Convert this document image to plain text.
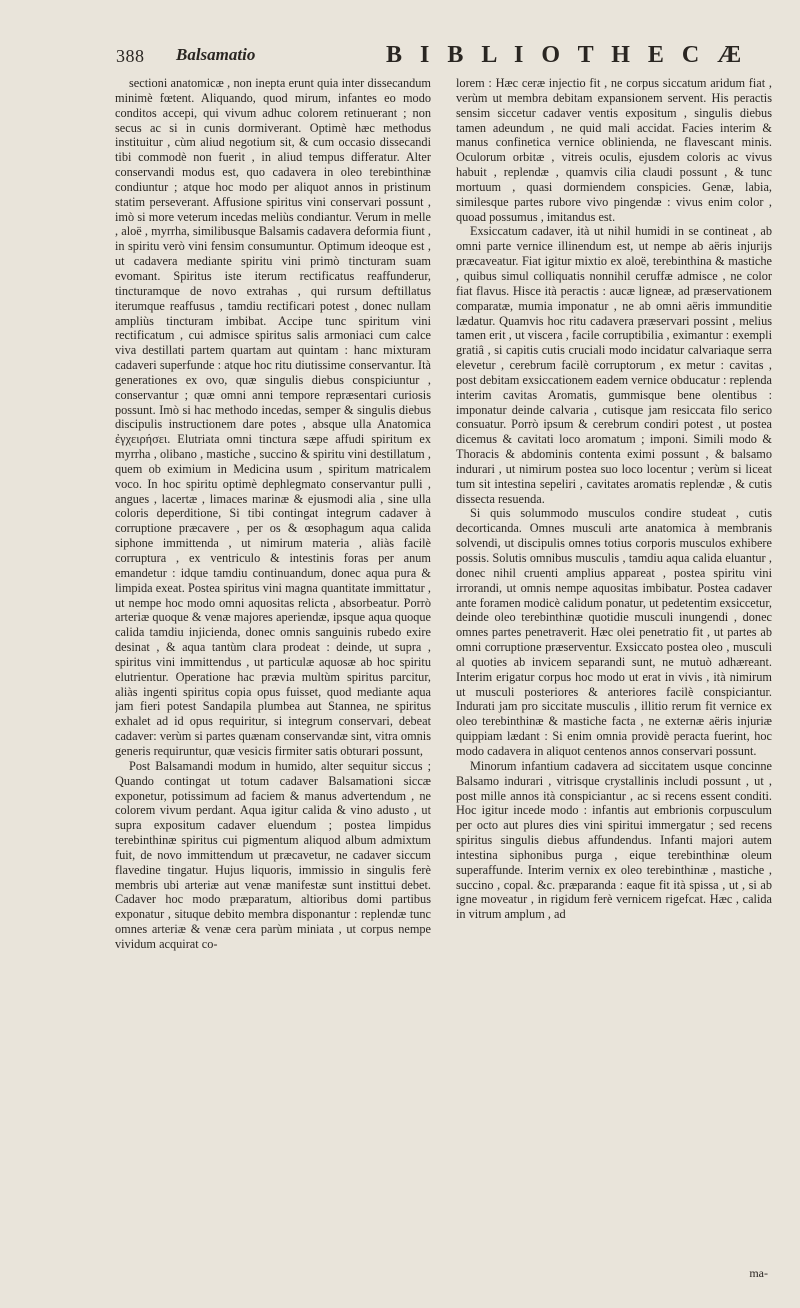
388 Balsamatio	B I B L I O T H E C Æ

sectioni anatomicæ , non inepta erunt quia inter dissecandum minimè fœtent. Aliquando, quod mirum, infantes eo modo conditos accepi, qui vivum adhuc colorem retinuerant ; non secus ac si in cunis dormiverant. Optimè hæc methodus instituitur , cùm aliud negotium sit, & cum occasio dissecandi tibi commodè non fuerit , in aliud tempus differatur. Alter conservandi modus est, quo cadavera in oleo terebinthinæ condiuntur ; atque hoc modo per aliquot annos in pristinum statim perseverant. Affusione spiritus vini conservari possunt , imò si more veterum incedas meliùs condiantur. Verum in melle , aloë , myrrha, similibusque Balsamis cadavera deformia fiunt , in spiritu verò vini fensim consumuntur. Optimum ideoque est , ut cadavera mediante spiritu vini primò tincturam suam evomant. Spiritus iste iterum rectificatus reaffunderur, tincturamque de novo extrahas , qui rursum deftillatus iterumque reaffusus , tamdiu rectificari potest , donec nullam ampliùs tincturam imbibat. Accipe tunc spiritum vini rectificatum , cui admisce spiritus salis armoniaci cum calce viva destillati partem quartam aut quintam : hanc mixturam cadaveri superfunde : atque hoc ritu diutissime conservantur. Ità generationes ex ovo, quæ singulis diebus conspiciuntur , conservantur ; quæ omni anni tempore repræsentari curiosis possunt. Imò si hac methodo incedas, semper & singulis diebus discipulis instructionem dare potes , absque ulla Anatomica ἐγχειρήσει. Elutriata omni tinctura sæpe affudi spiritum ex myrrha , olibano , mastiche , succino & spiritu vini destillatum , quem ob eximium in Medicina usum , spiritum matricalem voco. In hoc spiritu optimè dephlegmato conservantur pulli , angues , lacertæ , limaces marinæ & ejusmodi alia , sine ulla coloris deperditione, Si tibi contingat integrum cadaver à corruptione præcavere , per os & œsophagum aqua calida siphone immittenda , ut nimirum materia , aliàs facilè corruptura , ex ventriculo & intestinis foras per anum emandetur : idque tamdiu continuandum, donec aqua pura & limpida exeat. Postea spiritus vini magna quantitate immittatur , ut nempe hoc modo omni aquositas relicta , absorbeatur. Porrò arteriæ quoque & venæ majores aperiendæ, ipsque aqua quoque calida tamdiu injicienda, donec omnis sanguinis rubedo exire desinat , & aqua tantùm clara prodeat : deinde, ut supra , spiritus vini immittendus , ut particulæ aquosæ ab hoc spiritu elutrientur. Operatione hac prævia multùm spiritus parcitur, aliàs ingenti spiritus copia opus fuisset, quod mediante aqua jam fieri potest Sandapila plumbea aut Stannea, ne spiritus exhalet ad id opus requiritur, si integrum conservari, debeat cadaver: verùm si partes quænam conservandæ sint, vitra omnis generis requiruntur, quæ vesicis firmiter satis obturari possunt,

Post Balsamandi modum in humido, alter sequitur siccus ; Quando contingat ut totum cadaver Balsamationi siccæ exponetur, potissimum ad faciem & manus advertendum , ne colorem vivum perdant. Aqua igitur calida & vino adusto , ut supra expositum cadaver eluendum ; postea limpidus terebinthinæ spiritus cui pigmentum aliquod album admixtum fuit, de novo immittendum ut præcavetur, ne cadaver siccum flavedine tingatur. Hujus liquoris, immissio in singulis ferè membris ubi arteriæ aut venæ manifestæ sunt instittui debet. Cadaver hoc modo præparatum, altioribus domi partibus exponatur , situque debito membra disponantur : replendæ tunc omnes arteriæ & venæ cera parùm miniata , ut corpus nempe vividum acquirat co-

lorem : Hæc ceræ injectio fit , ne corpus siccatum aridum fiat , verùm ut membra debitam expansionem servent. His peractis sensim siccetur cadaver ventis expositum , singulis diebus tamen adeundum , ne quid mali accidat. Facies interim & manus confinetica vernice oblinienda, ne flavescant minis. Oculorum orbitæ , vitreis oculis, ejusdem coloris ac vivus habuit , replendæ , quamvis cilia claudi possunt , & tunc mortuum , quasi dormiendem conspicies. Genæ, labia, similesque partes rubore vivo pingendæ : vivus enim color , quoad possumus , imitandus est.

Exsiccatum cadaver, ità ut nihil humidi in se contineat , ab omni parte vernice illinendum est, ut nempe ab aëris injurijs præcaveatur. Fiat igitur mixtio ex aloë, terebinthina & mastiche , quibus simul colliquatis nonnihil ceruffæ admisce , ne color fiat flavus. Hisce ità peractis : aucæ ligneæ, ad præservationem comparatæ, mumia imponatur , ne ab omni aëris immunditie lædatur. Quamvis hoc ritu cadavera præservari possint , melius tamen erit , ut viscera , facile corruptibilia , eximantur : exempli gratiâ , si capitis cutis cruciali modo incidatur calvariaque serra elevetur , cerebrum facilè corruptorum , ex metur : cavitas , post debitam exsiccationem eadem vernice obducatur : replenda interim cavitas Aromatis, gummisque bene olentibus : imponatur deinde calvaria , cutisque jam resiccata filo serico consuatur. Porrò ipsum & cerebrum condiri potest , ut postea dicemus & cavitati loco aromatum ; imponi. Simili modo & Thoracis & abdominis contenta eximi possunt , & balsamo indurari , ut nimirum postea suo loco locentur ; verùm si liceat tum sit intestina sepeliri , cavitates aromatis replendæ , & cutis dissecta resuenda.

Si quis solummodo musculos condire studeat , cutis decorticanda. Omnes musculi arte anatomica à membranis solvendi, ut discipulis omnes totius corporis musculos exhibere possis. Solutis omnibus musculis , tamdiu aqua calida eluantur , donec nihil cruenti amplius appareat , postea spiritu vini irrorandi, ut omnis nempe aquositas imbibatur. Postea cadaver ante foramen modicè calidum ponatur, ut pedetentim exsiccetur, deinde oleo terebinthinæ quotidie musculi inungendi , donec omnes partes penetraverit. Hæc olei penetratio fit , ut partes ab omni corruptione præserventur. Exsiccato postea oleo , musculi al quoties ab invicem separandi sunt, ne mutuò adhæreant. Interim erigatur corpus hoc modo ut erat in vivis , ità nimirum ut musculi posteriores & anteriores facilè conspiciantur. Indurati jam pro siccitate musculis , illitio rerum fit vernice ex oleo terebinthinæ & mastiche facta , ne externæ aëris injuriæ quippiam lædant : Si enim omnia providè peracta fuerint, hoc modo cadavera in aliquot centenos annos conservari possunt.

Minorum infantium cadavera ad siccitatem usque concinne Balsamo indurari , vitrisque crystallinis includi possunt , ut , post mille annos ità conspiciantur , ac si recens essent conditi. Hoc igitur incede modo : infantis aut embrionis corpusculum per octo aut plures dies vini spiritui immergatur ; sed recens spiritus singulis diebus affundendus. Infanti majori autem intestina siphonibus purga , eique terebinthinæ oleum superaffunde. Interim vernix ex oleo terebinthinæ , mastiche , succino , copal. &c. præparanda : eaque fit ità spissa , ut , si ab igne moveatur , in rigidum ferè vernicem rigefcat. Hæc , calida in vitrum amplum , ad

ma-
